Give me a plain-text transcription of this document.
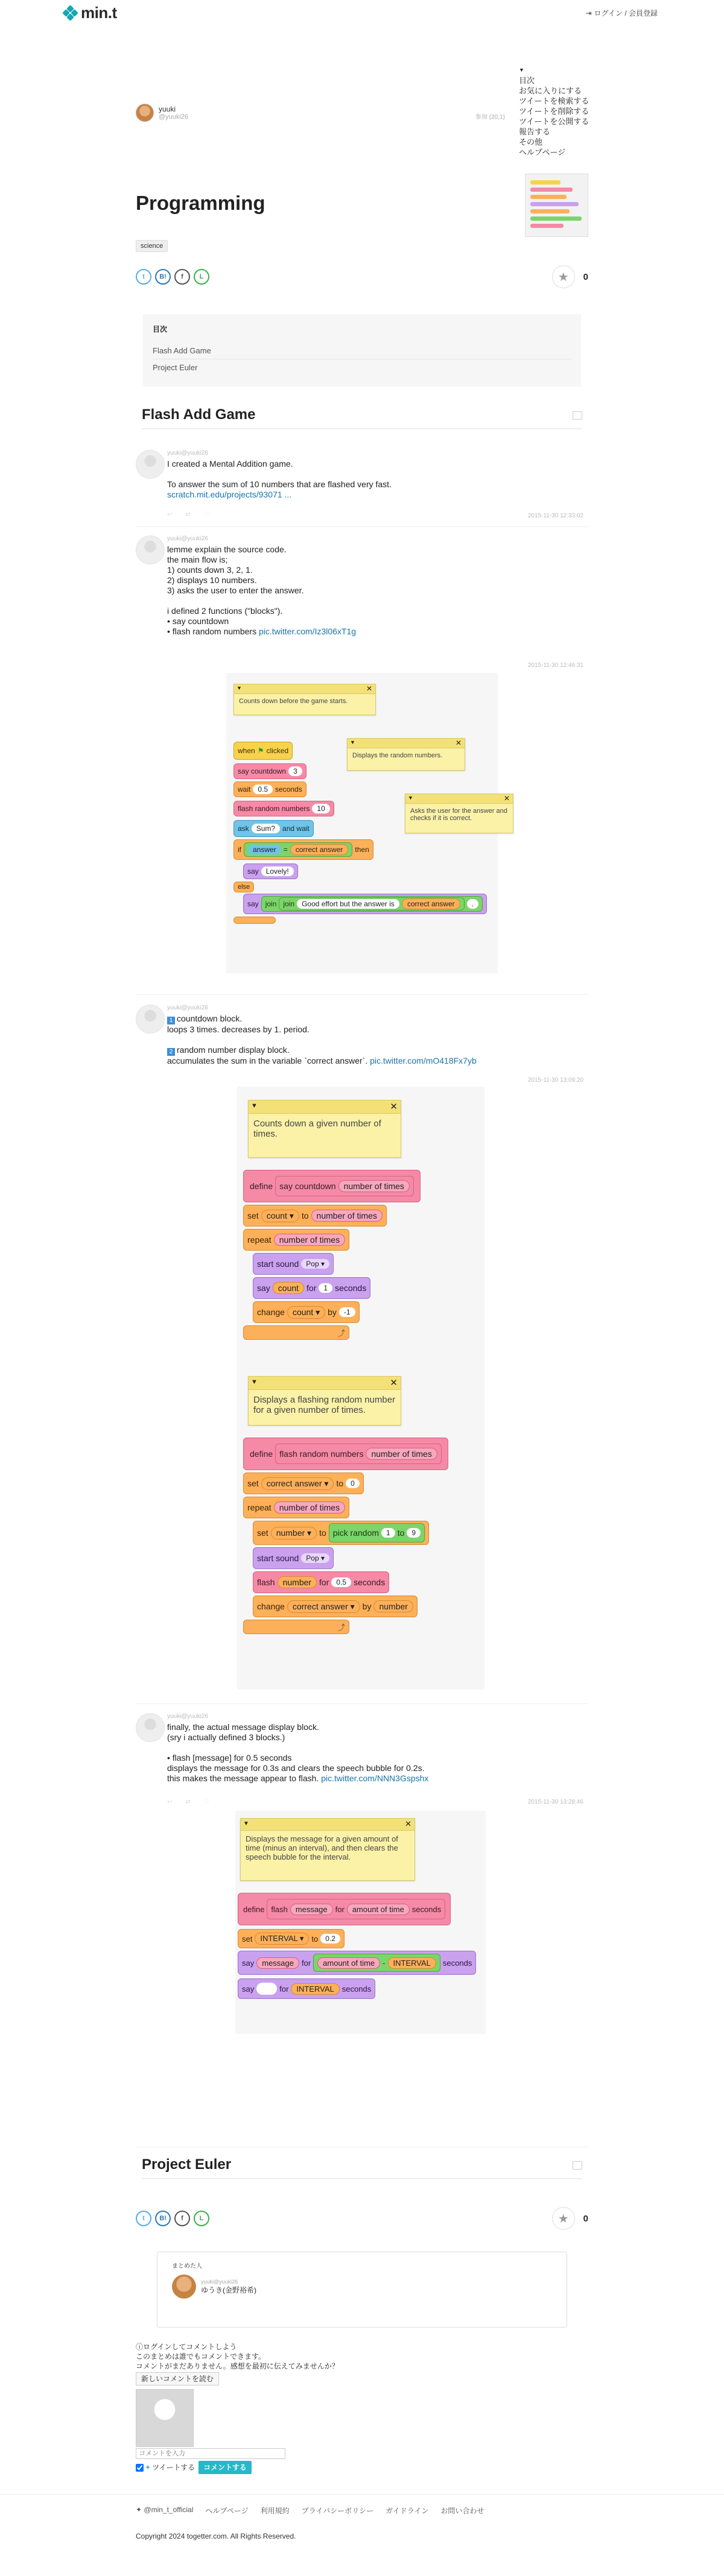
min.t	⇥ ログイン / 会員登録
▼
目次
お気に入りにする
ツイートを検索する
ツイートを削除する
ツイートを公開する
報告する
その他
ヘルプページ
参加 (20,1)
yuuki
@yuuki26
Programming
science
t	B!	f	L	★	0
目次
Flash Add Game
Project Euler
Flash Add Game
yuuki@yuuki26
I created a Mental Addition game.

To answer the sum of 10 numbers that are flashed very fast.
scratch.mit.edu/projects/93071 ...
↩⇄♡	2015-11-30 12:33:02
yuuki@yuuki26
lemme explain the source code.
the main flow is;
1) counts down 3, 2, 1.
2) displays 10 numbers.
3) asks the user to enter the answer.

i defined 2 functions ("blocks").
• say countdown
• flash random numbers pic.twitter.com/Iz3l06xT1g
2015-11-30 12:46:31
▼	✕
Counts down before the game starts.
▼	✕
Displays the random numbers.
▼	✕
Asks the user for the answer and checks if it is correct.
when ⚑ clicked
say countdown	3
wait	0.5	seconds
flash random numbers	10
ask	Sum?	and wait
if	answer	=	correct answer	then
say	Lovely!
else
say join join	Good effort but the answer is	correct answer	.
yuuki@yuuki26
1 countdown block.
loops 3 times. decreases by 1. period.

2 random number display block.
accumulates the sum in the variable `correct answer`. pic.twitter.com/mO418Fx7yb
2015-11-30 13:09:20
▼	✕
Counts down a given number of times.
define say countdown number of times
set count ▾ to number of times
repeat number of times
start sound	Pop ▾
say count for	1 seconds
change count ▾ by	-1
⤴
▼	✕
Displays a flashing random number for a given number of times.
define flash random numbers number of times
set correct answer ▾ to	0
repeat number of times
set number ▾ to pick random	1 to	9
start sound	Pop ▾
flash number for	0.5 seconds
change correct answer ▾ by number
⤴
yuuki@yuuki26
finally, the actual message display block.
(sry i actually defined 3 blocks.)

• flash [message] for 0.5 seconds
displays the message for 0.3s and clears the speech bubble for 0.2s.
this makes the message appear to flash. pic.twitter.com/NNN3Gspshx
↩⇄♡	2015-11-30 13:28:46
▼	✕
Displays the message for a given amount of time (minus an interval), and then clears the speech bubble for the interval.
define flash	message	for	amount of time	seconds
set	INTERVAL ▾	to	0.2
say	message	for	amount of time	-	INTERVAL	seconds
say	for	INTERVAL	seconds
Project Euler
t	B!	f	L	★	0
まとめた人
yuuki@yuuki26
ゆうき(金野裕希)
ⓘログインしてコメントしよう
このまとめは誰でもコメントできます。
コメントがまだありません。感想を最初に伝えてみませんか？
新しいコメントを読む
コメントを入力
✦ ツイートする	コメントする
✦ @min_t_official ヘルプページ 利用規約 プライバシーポリシー ガイドライン お問い合わせ
Copyright 2024 togetter.com. All Rights Reserved.
